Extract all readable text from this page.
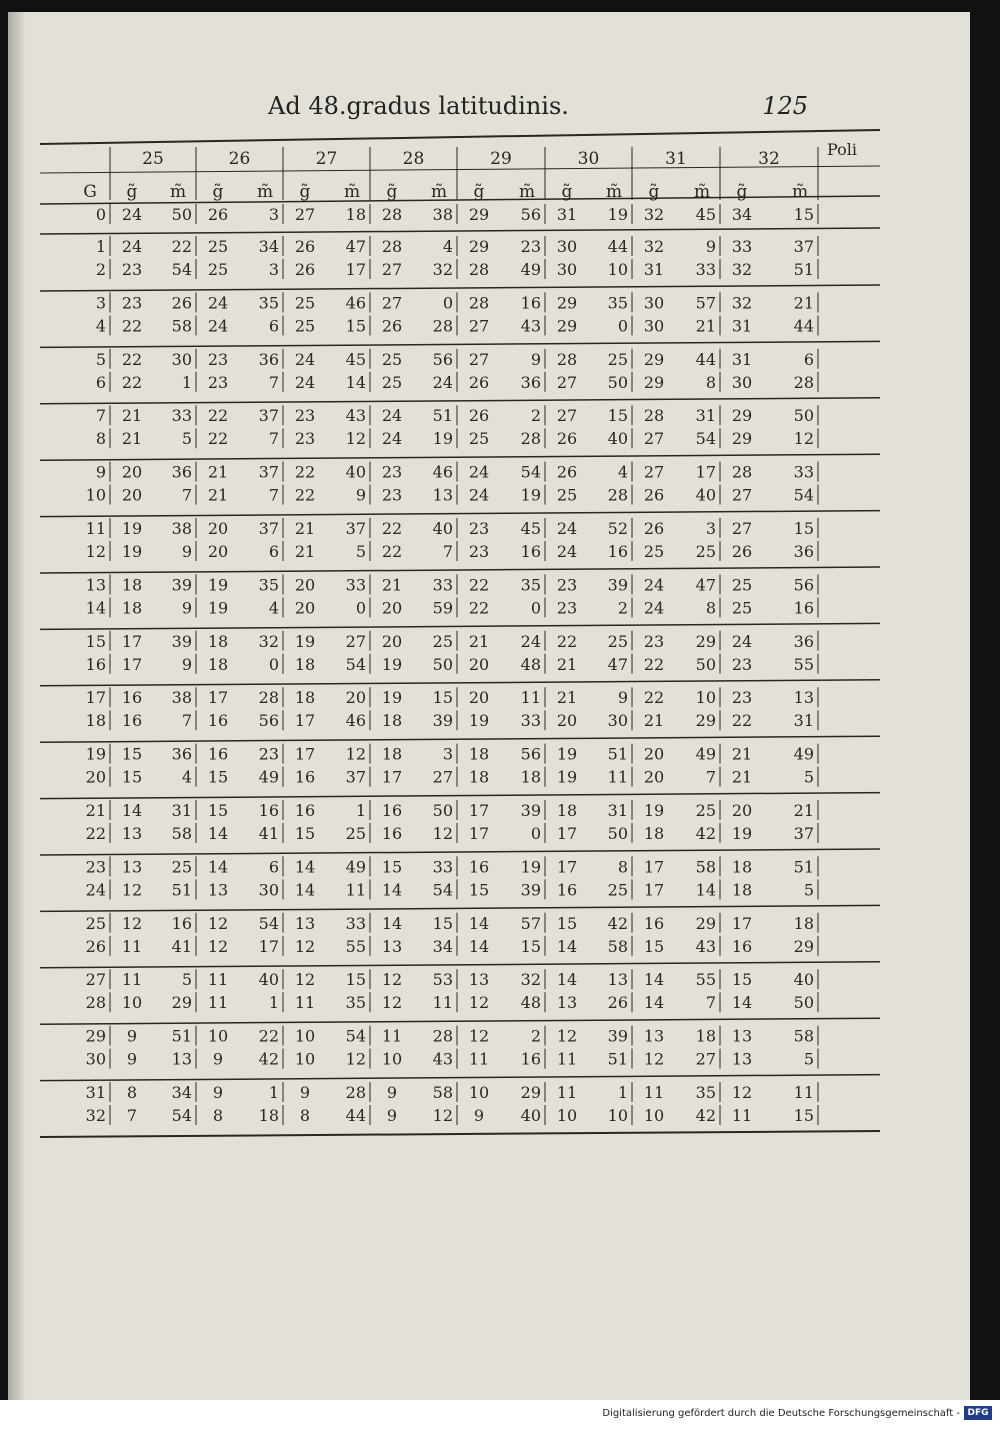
Ad 48.gradus latitudinis.	125
25	26	27	28	29	30	31	32	Poli
G g̃ m̃ g̃ m̃ g̃ m̃ g̃ m̃ g̃ m̃ g̃ m̃ g̃ m̃ g̃	m̃
0 24 50 26	3 27 18 28 38 29 56 31 19 32 45 34	15
1 24 22 25 34 26 47 28	4 29 23 30 44 32	9 33	37
2 23 54 25	3 26 17 27 32 28 49 30 10 31 33 32	51
3 23 26 24 35 25 46 27	0 28 16 29 35 30 57 32	21
4 22 58 24	6 25 15 26 28 27 43 29	0 30 21 31	44
5 22 30 23 36 24 45 25 56 27	9 28 25 29 44 31	6
6 22 1 23	7 24 14 25 24 26 36 27 50 29	8 30	28
7 21 33 22 37 23 43 24 51 26	2 27 15 28 31 29	50
8 21 5 22	7 23 12 24 19 25 28 26 40 27 54 29	12
9 20 36 21 37 22 40 23 46 24 54 26	4 27 17 28	33
10 20 7 21	7 22	9 23 13 24 19 25 28 26 40 27	54
11 19 38 20 37 21 37 22 40 23 45 24 52 26	3 27	15
12 19 9 20	6 21	5 22	7 23 16 24 16 25 25 26	36
13 18 39 19 35 20 33 21 33 22 35 23 39 24 47 25	56
14 18 9 19	4 20	0 20 59 22	0 23	2 24	8 25	16
15 17 39 18 32 19 27 20 25 21 24 22 25 23 29 24	36
16 17 9 18	0 18 54 19 50 20 48 21 47 22 50 23	55
17 16 38 17 28 18 20 19 15 20 11 21	9 22 10 23	13
18 16 7 16 56 17 46 18 39 19 33 20 30 21 29 22	31
19 15 36 16 23 17 12 18	3 18 56 19 51 20 49 21	49
20 15 4 15 49 16 37 17 27 18 18 19 11 20	7 21	5
21 14 31 15 16 16	1 16 50 17 39 18 31 19 25 20	21
22 13 58 14 41 15 25 16 12 17	0 17 50 18 42 19	37
23 13 25 14	6 14 49 15 33 16 19 17	8 17 58 18	51
24 12 51 13 30 14 11 14 54 15 39 16 25 17 14 18	5
25 12 16 12 54 13 33 14 15 14 57 15 42 16 29 17	18
26 11 41 12 17 12 55 13 34 14 15 14 58 15 43 16	29
27 11 5 11 40 12 15 12 53 13 32 14 13 14 55 15	40
28 10 29 11	1 11 35 12 11 12 48 13 26 14	7 14	50
29 9 51 10 22 10 54 11 28 12	2 12 39 13 18 13	58
30 9 13 9 42 10 12 10 43 11 16 11 51 12 27 13	5
31 8 34 9	1 9 28 9 58 10 29 11	1 11 35 12	11
32 7 54 8 18 8 44 9 12 9 40 10 10 10 42 11	15
Digitalisierung gefördert durch die Deutsche Forschungsgemeinschaft - DFG
